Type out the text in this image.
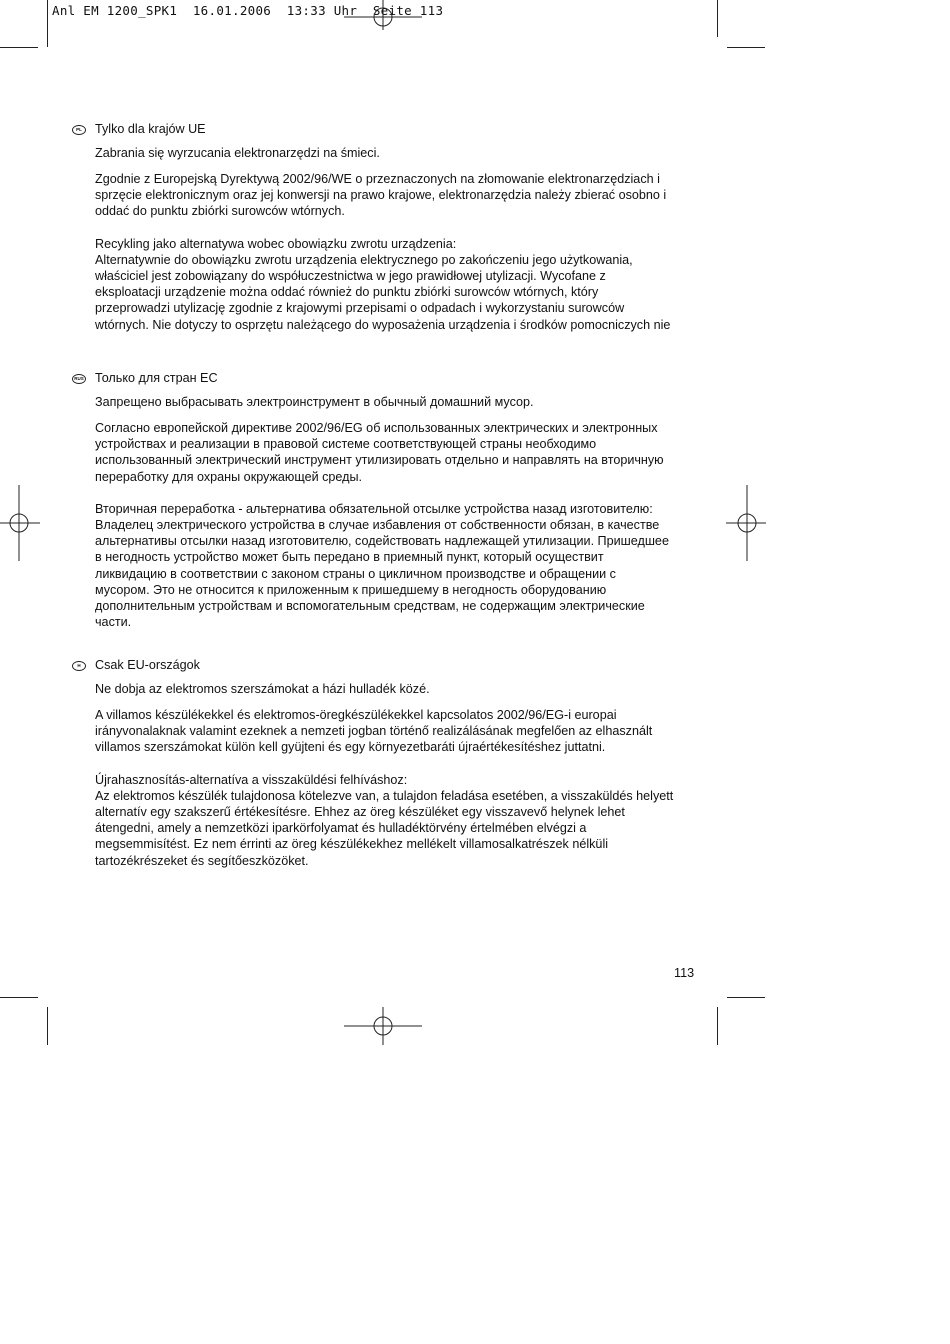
Anl EM 1200_SPK1  16.01.2006  13:33 Uhr  Seite 113
PL	Tylko dla krajów UE

Zabrania się wyrzucania elektronarzędzi na śmieci.

Zgodnie z Europejską Dyrektywą 2002/96/WE o przeznaczonych na złomowanie elektronarzędziach i
sprzęcie elektronicznym oraz jej konwersji na prawo krajowe, elektronarzędzia należy zbierać osobno i
oddać do punktu zbiórki surowców wtórnych.

Recykling jako alternatywa wobec obowiązku zwrotu urządzenia:
Alternatywnie do obowiązku zwrotu urządzenia elektrycznego po zakończeniu jego użytkowania,
właściciel jest zobowiązany do współuczestnictwa w jego prawidłowej utylizacji. Wycofane z
eksploatacji urządzenie można oddać również do punktu zbiórki surowców wtórnych, który
przeprowadzi utylizację zgodnie z krajowymi przepisami o odpadach i wykorzystaniu surowców
wtórnych. Nie dotyczy to osprzętu należącego do wyposażenia urządzenia i środków pomocniczych nie

RUS Только для стран ЕС

Запрещено выбрасывать электроинструмент в обычный домашний мусор.

Согласно европейской директиве 2002/96/EG об использованных электрических и электронных
устройствах и реализации в правовой системе соответствующей страны необходимо
использованный электрический инструмент утилизировать отдельно и направлять на вторичную
переработку для охраны окружающей среды.

Вторичная переработка - альтернатива обязательной отсылке устройства назад изготовителю:
Владелец электрического устройства в случае избавления от собственности обязан, в качестве
альтернативы отсылки назад изготовителю, содействовать надлежащей утилизации. Пришедшее
в негодность устройство может быть передано в приемный пункт, который осуществит
ликвидацию в соответствии с законом страны о цикличном производстве и обращении с
мусором. Это не относится к приложенным к пришедшему в негодность оборудованию
дополнительным устройствам и вспомогательным средствам, не содержащим электрические
части.

H	Csak EU-országok

Ne dobja az elektromos szerszámokat a házi hulladék közé.

A villamos készülékekkel és elektromos-öregkészülékekkel kapcsolatos 2002/96/EG-i europai
irányvonalaknak valamint ezeknek a nemzeti jogban történő realizálásának megfelően az elhasznált
villamos szerszámokat külön kell gyüjteni és egy környezetbaráti újraértékesítéshez juttatni.

Újrahasznosítás-alternatíva a visszaküldési felhíváshoz:
Az elektromos készülék tulajdonosa kötelezve van, a tulajdon feladása esetében, a visszaküldés helyett
alternatív egy szakszerű értékesítésre. Ehhez az öreg készüléket egy visszavevő helynek lehet
átengedni, amely a nemzetközi iparkörfolyamat és hulladéktörvény értelmében elvégzi a
megsemmisítést. Ez nem érrinti az öreg készülékekhez mellékelt villamosalkatrészek nélküli
tartozékrészeket és segítőeszközöket.

113
